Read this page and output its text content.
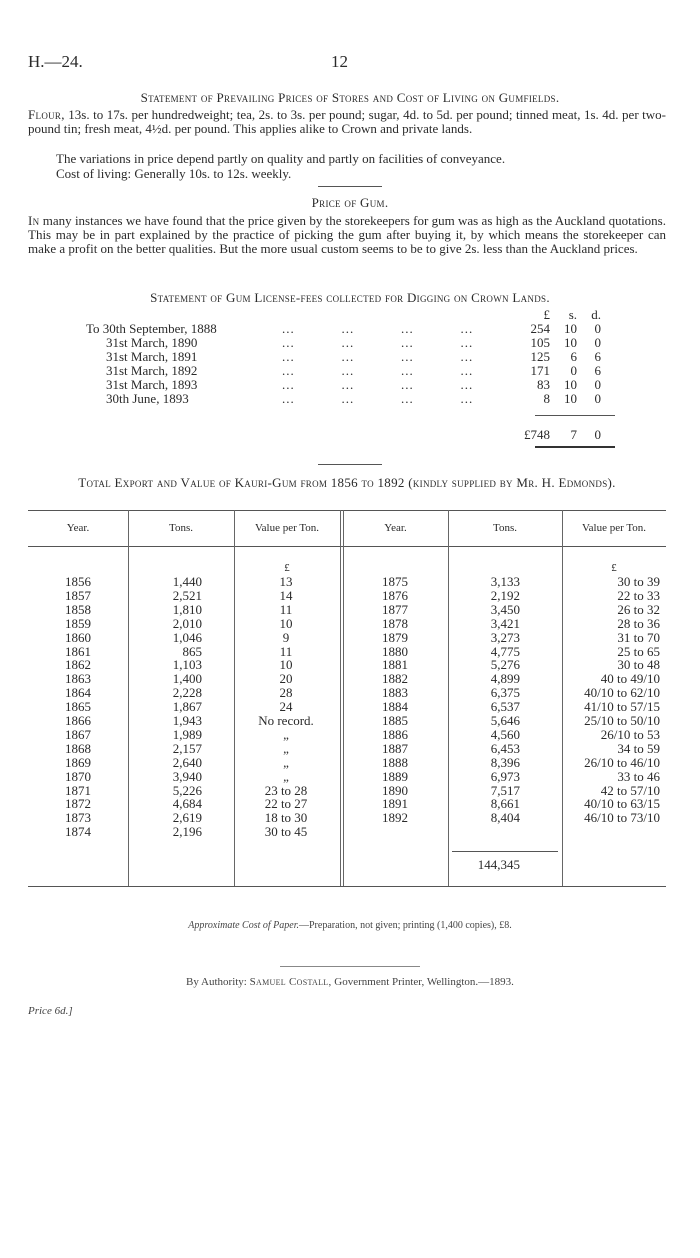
H.—24.	12
Statement of Prevailing Prices of Stores and Cost of Living on Gumfields.
Flour, 13s. to 17s. per hundredweight; tea, 2s. to 3s. per pound; sugar, 4d. to 5d. per pound; tinned meat, 1s. 4d. per two-pound tin; fresh meat, 4½d. per pound. This applies alike to Crown and private lands.
The variations in price depend partly on quality and partly on facilities of conveyance.
Cost of living: Generally 10s. to 12s. weekly.
Price of Gum.
In many instances we have found that the price given by the storekeepers for gum was as high as the Auckland quotations. This may be in part explained by the practice of picking the gum after buying it, by which means the storekeeper can make a profit on the better qualities. But the more usual custom seems to be to give 2s. less than the Auckland prices.
Statement of Gum License-fees collected for Digging on Crown Lands.
£	s.	d.
To 30th September, 1888	...           ...           ...           ...	254	10	0
31st March, 1890	...           ...           ...           ...	105	10	0
31st March, 1891	...           ...           ...           ...	125	6	6
31st March, 1892	...           ...           ...           ...	171	0	6
31st March, 1893	...           ...           ...           ...	83	10	0
30th June, 1893	...           ...           ...           ...	8	10	0
£748	7	0
Total Export and Value of Kauri-Gum from 1856 to 1892 (kindly supplied by Mr. H. Edmonds).
Year.	Tons.	Value per Ton.	Year.	Tons.	Value per Ton.
£	£
1856	1,440	13
1857	2,521	14
1858	1,810	11
1859	2,010	10
1860	1,046	9
1861	865	11
1862	1,103	10
1863	1,400	20
1864	2,228	28
1865	1,867	24
1866	1,943	No record.
1867	1,989	„
1868	2,157	„
1869	2,640	„
1870	3,940	„
1871	5,226	23 to 28
1872	4,684	22 to 27
1873	2,619	18 to 30
1874	2,196	30 to 45
1875	3,133	30 to 39
1876	2,192	22 to 33
1877	3,450	26 to 32
1878	3,421	28 to 36
1879	3,273	31 to 70
1880	4,775	25 to 65
1881	5,276	30 to 48
1882	4,899	40 to 49/10
1883	6,375	40/10 to 62/10
1884	6,537	41/10 to 57/15
1885	5,646	25/10 to 50/10
1886	4,560	26/10 to 53
1887	6,453	34 to 59
1888	8,396	26/10 to 46/10
1889	6,973	33 to 46
1890	7,517	42 to 57/10
1891	8,661	40/10 to 63/15
1892	8,404	46/10 to 73/10
144,345
Approximate Cost of Paper.—Preparation, not given; printing (1,400 copies), £8.
By Authority: Samuel Costall, Government Printer, Wellington.—1893.
Price 6d.]
